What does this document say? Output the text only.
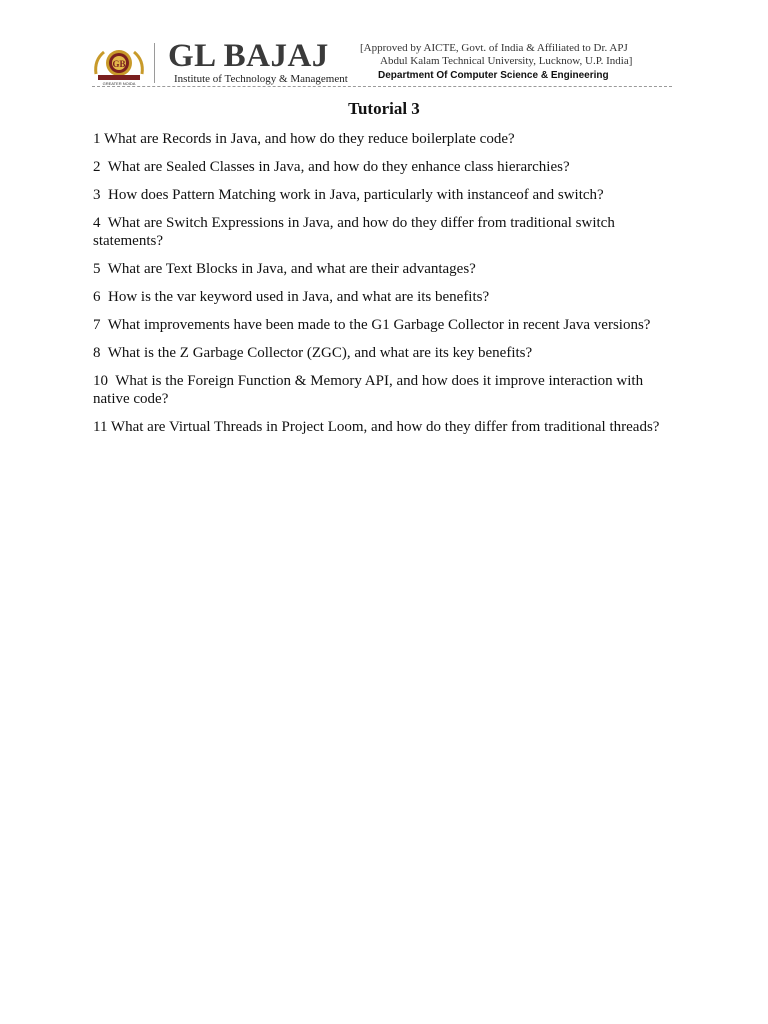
GB
GREATER NOIDA
GL BAJAJ
Institute of Technology & Management
[Approved by AICTE, Govt. of India & Affiliated to Dr. APJ
Abdul Kalam Technical University, Lucknow, U.P. India]
Department Of Computer Science & Engineering
Tutorial 3
1 What are Records in Java, and how do they reduce boilerplate code?
2  What are Sealed Classes in Java, and how do they enhance class hierarchies?
3  How does Pattern Matching work in Java, particularly with instanceof and switch?
4  What are Switch Expressions in Java, and how do they differ from traditional switch statements?
5  What are Text Blocks in Java, and what are their advantages?
6  How is the var keyword used in Java, and what are its benefits?
7  What improvements have been made to the G1 Garbage Collector in recent Java versions?
8  What is the Z Garbage Collector (ZGC), and what are its key benefits?
10  What is the Foreign Function & Memory API, and how does it improve interaction with native code?
11 What are Virtual Threads in Project Loom, and how do they differ from traditional threads?
